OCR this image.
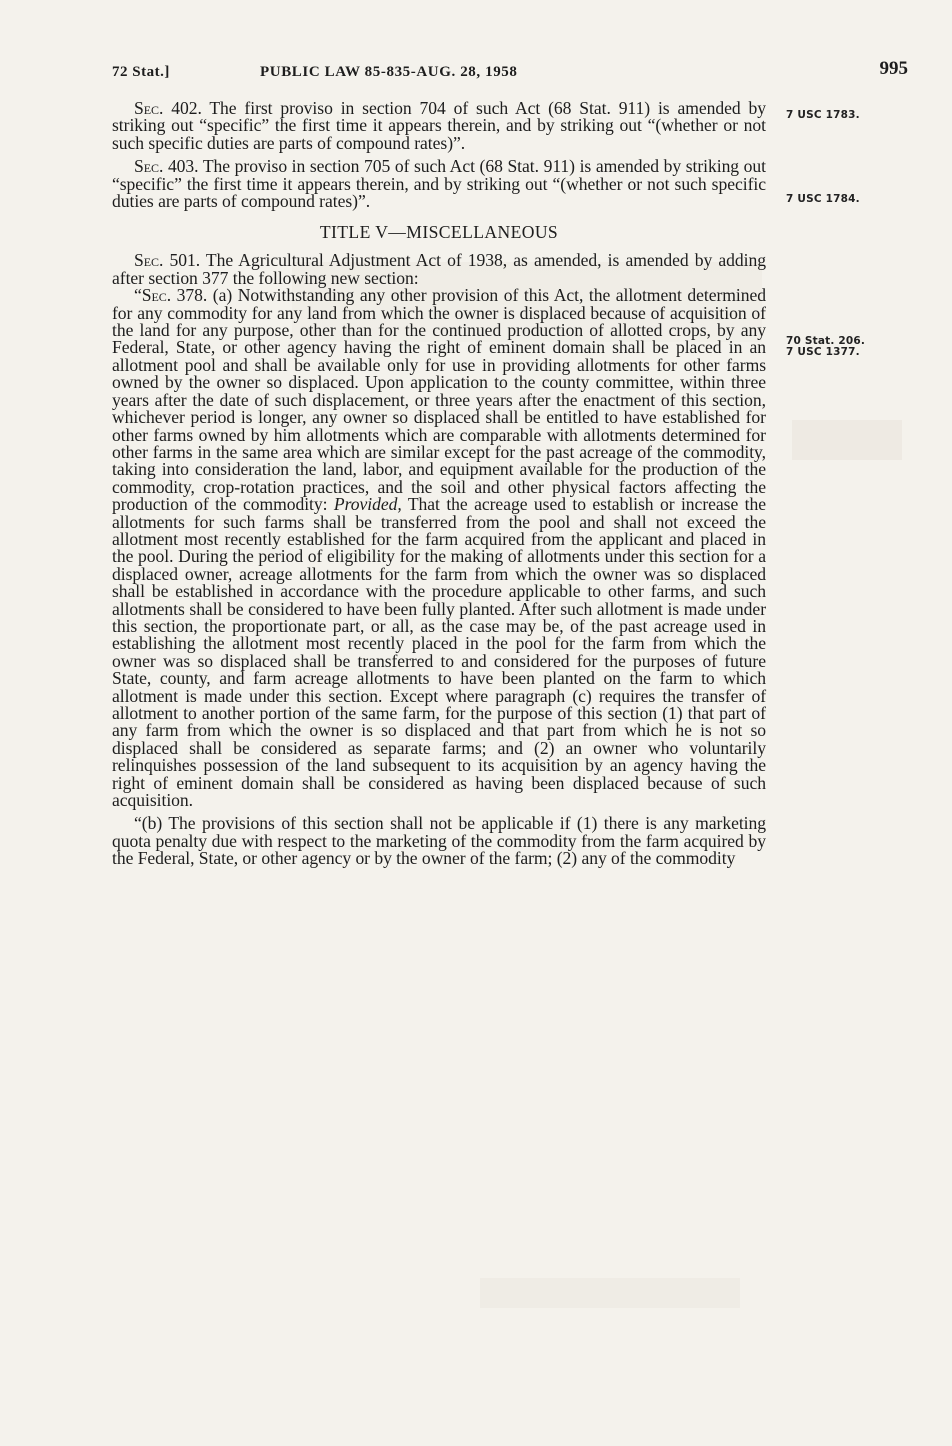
72 Stat.]	PUBLIC LAW 85-835-AUG. 28, 1958	995
7 USC 1783.
7 USC 1784.
70 Stat. 206.
7 USC 1377.

Sec. 402. The first proviso in section 704 of such Act (68 Stat. 911) is amended by striking out “specific” the first time it appears therein, and by striking out “(whether or not such specific duties are parts of compound rates)”.

Sec. 403. The proviso in section 705 of such Act (68 Stat. 911) is amended by striking out “specific” the first time it appears therein, and by striking out “(whether or not such specific duties are parts of compound rates)”.

TITLE V—MISCELLANEOUS

Sec. 501. The Agricultural Adjustment Act of 1938, as amended, is amended by adding after section 377 the following new section:

“Sec. 378. (a) Notwithstanding any other provision of this Act, the allotment determined for any commodity for any land from which the owner is displaced because of acquisition of the land for any purpose, other than for the continued production of allotted crops, by any Federal, State, or other agency having the right of eminent domain shall be placed in an allotment pool and shall be available only for use in providing allotments for other farms owned by the owner so displaced. Upon application to the county committee, within three years after the date of such displacement, or three years after the enactment of this section, whichever period is longer, any owner so displaced shall be entitled to have established for other farms owned by him allotments which are comparable with allotments determined for other farms in the same area which are similar except for the past acreage of the commodity, taking into consideration the land, labor, and equipment available for the production of the commodity, crop-rotation practices, and the soil and other physical factors affecting the production of the commodity: Provided, That the acreage used to establish or increase the allotments for such farms shall be transferred from the pool and shall not exceed the allotment most recently established for the farm acquired from the applicant and placed in the pool. During the period of eligibility for the making of allotments under this section for a displaced owner, acreage allotments for the farm from which the owner was so displaced shall be established in accordance with the procedure applicable to other farms, and such allotments shall be considered to have been fully planted. After such allotment is made under this section, the proportionate part, or all, as the case may be, of the past acreage used in establishing the allotment most recently placed in the pool for the farm from which the owner was so displaced shall be transferred to and considered for the purposes of future State, county, and farm acreage allotments to have been planted on the farm to which allotment is made under this section. Except where paragraph (c) requires the transfer of allotment to another portion of the same farm, for the purpose of this section (1) that part of any farm from which the owner is so displaced and that part from which he is not so displaced shall be considered as separate farms; and (2) an owner who voluntarily relinquishes possession of the land subsequent to its acquisition by an agency having the right of eminent domain shall be considered as having been displaced because of such acquisition.

“(b) The provisions of this section shall not be applicable if (1) there is any marketing quota penalty due with respect to the marketing of the commodity from the farm acquired by the Federal, State, or other agency or by the owner of the farm; (2) any of the commodity
